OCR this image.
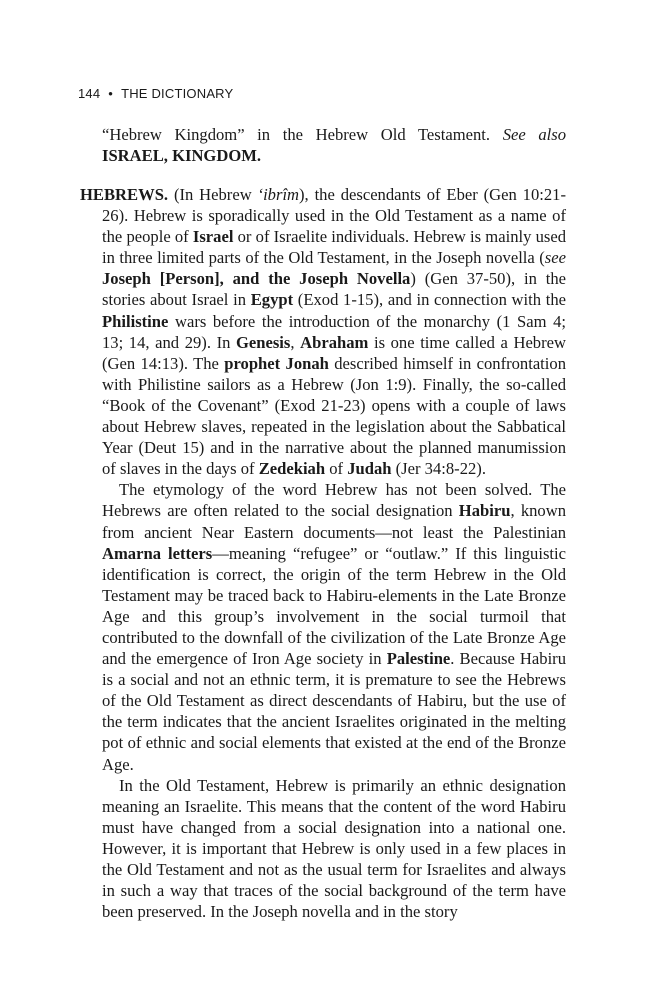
144 • THE DICTIONARY
“Hebrew Kingdom” in the Hebrew Old Testament. See also ISRAEL, KINGDOM.

HEBREWS. (In Hebrew ‘ibrîm), the descendants of Eber (Gen 10:21-26). Hebrew is sporadically used in the Old Testament as a name of the people of Israel or of Israelite individuals. Hebrew is mainly used in three limited parts of the Old Testament, in the Joseph novella (see Joseph [Person], and the Joseph Novella) (Gen 37-50), in the stories about Israel in Egypt (Exod 1-15), and in connection with the Philistine wars before the introduction of the monarchy (1 Sam 4; 13; 14, and 29). In Genesis, Abraham is one time called a Hebrew (Gen 14:13). The prophet Jonah described himself in confrontation with Philistine sailors as a Hebrew (Jon 1:9). Finally, the so-called “Book of the Covenant” (Exod 21-23) opens with a couple of laws about Hebrew slaves, repeated in the legislation about the Sabbatical Year (Deut 15) and in the narrative about the planned manumission of slaves in the days of Zedekiah of Judah (Jer 34:8-22).

The etymology of the word Hebrew has not been solved. The Hebrews are often related to the social designation Habiru, known from ancient Near Eastern documents—not least the Palestinian Amarna letters—meaning “refugee” or “outlaw.” If this linguistic identification is correct, the origin of the term Hebrew in the Old Testament may be traced back to Habiru-elements in the Late Bronze Age and this group’s involvement in the social turmoil that contributed to the downfall of the civilization of the Late Bronze Age and the emergence of Iron Age society in Palestine. Because Habiru is a social and not an ethnic term, it is premature to see the Hebrews of the Old Testament as direct descendants of Habiru, but the use of the term indicates that the ancient Israelites originated in the melting pot of ethnic and social elements that existed at the end of the Bronze Age.

In the Old Testament, Hebrew is primarily an ethnic designation meaning an Israelite. This means that the content of the word Habiru must have changed from a social designation into a national one. However, it is important that Hebrew is only used in a few places in the Old Testament and not as the usual term for Israelites and always in such a way that traces of the social background of the term have been preserved. In the Joseph novella and in the story
